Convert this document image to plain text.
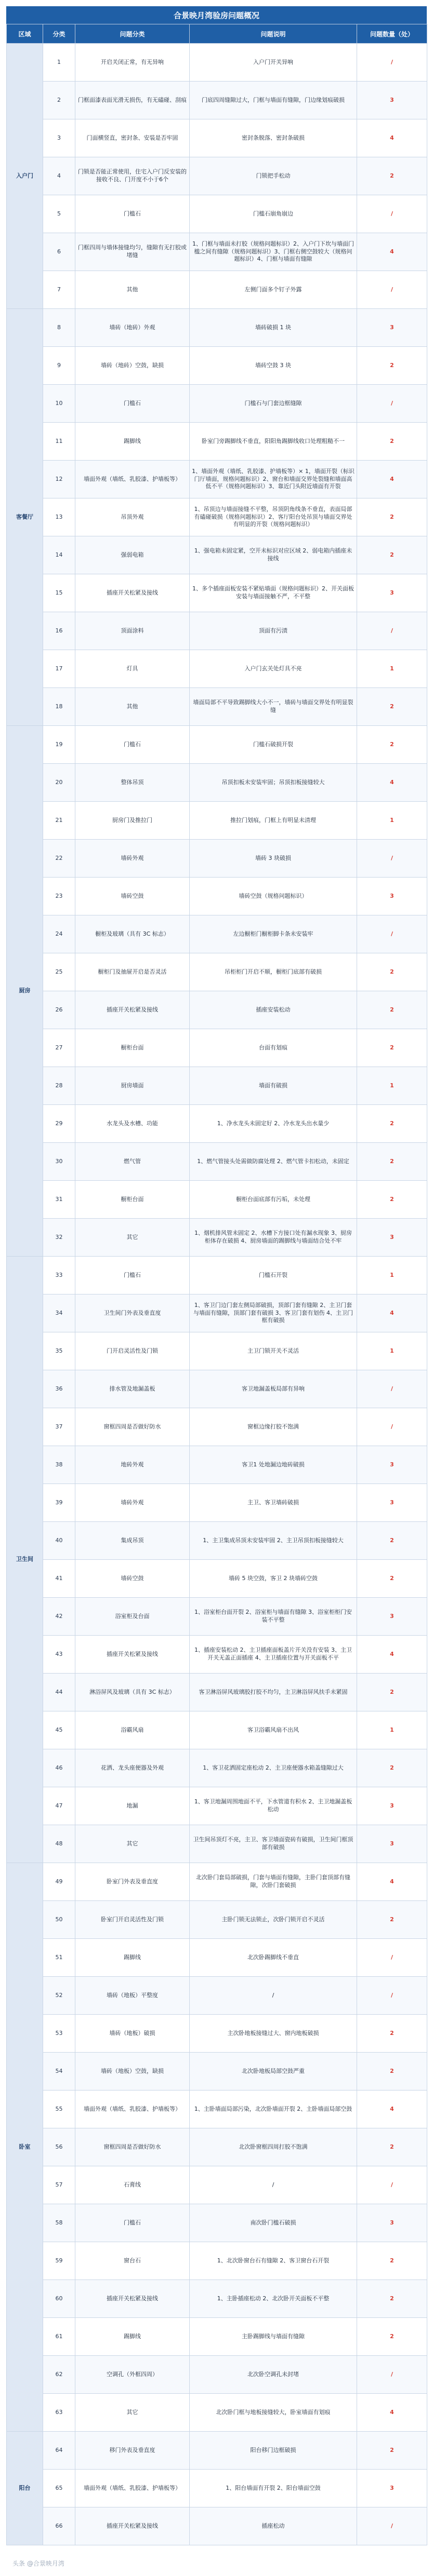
合景映月湾验房问题概况
区域	分类	问题分类	问题说明	问题数量（处）
入户门	1	开启关闭正常，有无异响	入户门开关异响	/
	2	门框面漆表面光滑无损伤，有无磕碰、刮痕	门底四周缝隙过大，门框与墙面有缝隙，门边缘划痕破损	3
	3	门面横竖直，密封条、安装是否牢固	密封条脱落、密封条破损	4
	4	门锁是否能正常使用，住宅入户门反安装的接收不良、门开度不小于6个	门锁把手松动	2
	5	门槛石	门槛石崩角崩边	/
	6	门框四周与墙体接缝均匀，缝隙有无打胶或堵缝	1、门框与墙面未打胶（规格问题标识）2、入户门下坎与墙面门槛之间有缝隙（规格问题标识）3、门框右侧空鼓较大（规格问题标识）4、门框与墙面有缝隙	4
	7	其他	左侧门面多个钉子外露	/
客餐厅	8	墙砖（地砖）外观	墙砖破损 1 块	3
	9	墙砖（地砖）空鼓，缺损	墙砖空鼓 3 块	2
	10	门槛石	门槛石与门套边框缝隙	/
	11	踢脚线	卧室门旁踢脚线不垂直，阳阳角踢脚线收口处理粗糙不一	2
	12	墙面外观（墙纸、乳胶漆、护墙板等）	1、墙面外观（墙纸、乳胶漆、护墙板等）× 1，墙面开裂（标识门厅墙面，规格问题标识）2、窗台和墙面交界处裂缝和墙面高低不平（规格问题标识）3、靠近门头附近墙面有开裂	4
	13	吊顶外观	1、吊顶边与墙面接缝不平整，吊顶阴角线条不垂直，表面局部有磕碰破损（规格问题标识）2、客厅阳台处吊顶与墙面交界处有明显的开裂（规格问题标识）	2
	14	强弱电箱	1、强电箱未固定紧，空开未标识对应区域 2、弱电箱内插座未接线	2
	15	插座开关松紧及接线	1、多个插座面板安装不紧贴墙面（规格问题标识）2、开关面板安装与墙面接触不严，不平整	3
	16	顶面涂料	顶面有污渍	/
	17	灯具	入户门玄关处灯具不亮	1
	18	其他	墙面局部不平导致踢脚线大小不一，墙砖与墙面交界处有明显裂缝	2
厨房	19	门槛石	门槛石破损开裂	2
	20	整体吊顶	吊顶扣板未安装牢固；吊顶扣板接缝较大	4
	21	厨房门及推拉门	推拉门划痕，门框上有明显未清理	1
	22	墙砖外观	墙砖 3 块破损	/
	23	墙砖空鼓	墙砖空鼓（规格问题标识）	3
	24	橱柜及玻璃（具有 3C 标志）	左边橱柜门橱柜脚卡条未安装牢	/
	25	橱柜门及抽屉开启是否灵活	吊柜柜门开启不顺，橱柜门底部有破损	2
	26	插座开关松紧及接线	插座安装松动	2
	27	橱柜台面	台面有划痕	2
	28	厨房墙面	墙面有破损	1
	29	水龙头及水槽、功能	1、净水龙头未固定好 2、冷水龙头出水量少	2
	30	燃气管	1、燃气管接头处需做防腐处理 2、燃气管卡扣松动，未固定	2
	31	橱柜台面	橱柜台面底部有污垢，未处理	2
	32	其它	1、烟机排风管未固定 2、水槽下方接口处有漏水现象 3、厨房柜体存在破损 4、厨房墙面的踢脚线与墙面结合处不牢	3
卫生间	33	门槛石	门槛石开裂	1
	34	卫生间门外表及垂直度	1、客卫门边门套左侧局部破损，顶部门套有缝隙 2、主卫门套与墙面有缝隙，顶部门套有破损 3、客卫门套有划伤 4、主卫门框有破损	4
	35	门开启灵活性及门锁	主卫门锁开关不灵活	1
	36	排水管及地漏盖板	客卫地漏盖板局部有异响	/
	37	窗框四周是否做好防水	窗框边缘打胶不饱满	/
	38	地砖外观	客卫1 处地漏边地砖破损	3
	39	墙砖外观	主卫、客卫墙砖破损	3
	40	集成吊顶	1、主卫集成吊顶未安装牢固 2、主卫吊顶扣板接缝较大	2
	41	墙砖空鼓	墙砖 5 块空鼓，客卫 2 块墙砖空鼓	2
	42	浴室柜及台面	1、浴室柜台面开裂 2、浴室柜与墙面有缝隙 3、浴室柜柜门安装不平整	3
	43	插座开关松紧及接线	1、插座安装松动 2、主卫插座面板盖片开关没有安装 3、主卫开关无盖正面插座 4、主卫插座位置与开关面板不平	4
	44	淋浴屏风及玻璃（具有 3C 标志）	客卫淋浴屏风玻璃胶打胶不均匀，主卫淋浴屏风扶手未紧固	2
	45	浴霸风扇	客卫浴霸风扇不出风	1
	46	花洒、龙头座便器及外观	1、客卫花洒固定座松动 2、主卫座便器水箱盖缝隙过大	2
	47	地漏	1、客卫地漏周围地面不平，下水管道有积水 2、主卫地漏盖板松动	3
	48	其它	卫生间吊顶灯不亮，主卫、客卫墙面瓷砖有破损，卫生间门框顶部有破损	3
卧室	49	卧室门外表及垂直度	北次卧门套局部破损，门套与墙面有缝隙，主卧门套顶部有缝隙，次卧门套破损	4
	50	卧室门开启灵活性及门锁	主卧门锁无法锁止，次卧门锁开启不灵活	2
	51	踢脚线	北次卧踢脚线不垂直	/
	52	墙砖（地板）平整度	/	/
	53	墙砖（地板）破损	主次卧地板接缝过大、窗内地板破损	2
	54	墙砖（地板）空鼓，缺损	北次卧地板局部空鼓严重	2
	55	墙面外观（墙纸、乳胶漆、护墙板等）	1、主卧墙面局部污染，北次卧墙面开裂 2、主卧墙面局部空鼓	4
	56	窗框四周是否做好防水	北次卧窗框四周打胶不饱满	2
	57	石膏线	/	/
	58	门槛石	南次卧门槛石破损	3
	59	窗台石	1、北次卧窗台石有缝隙 2、客卫窗台石开裂	2
	60	插座开关松紧及接线	1、主卧插座松动 2、北次卧开关面板不平整	2
	61	踢脚线	主卧踢脚线与墙面有缝隙	2
	62	空调孔（外框四周）	北次卧空调孔未封堵	/
	63	其它	北次卧门框与地板接缝较大，卧室墙面有划痕	4
阳台	64	移门外表及垂直度	阳台移门边框破损	2
	65	墙面外观（墙纸、乳胶漆、护墙板等）	1、阳台墙面有开裂 2、阳台墙面空鼓	3
	66	插座开关松紧及接线	插座松动	/
头条 @合景映月湾
